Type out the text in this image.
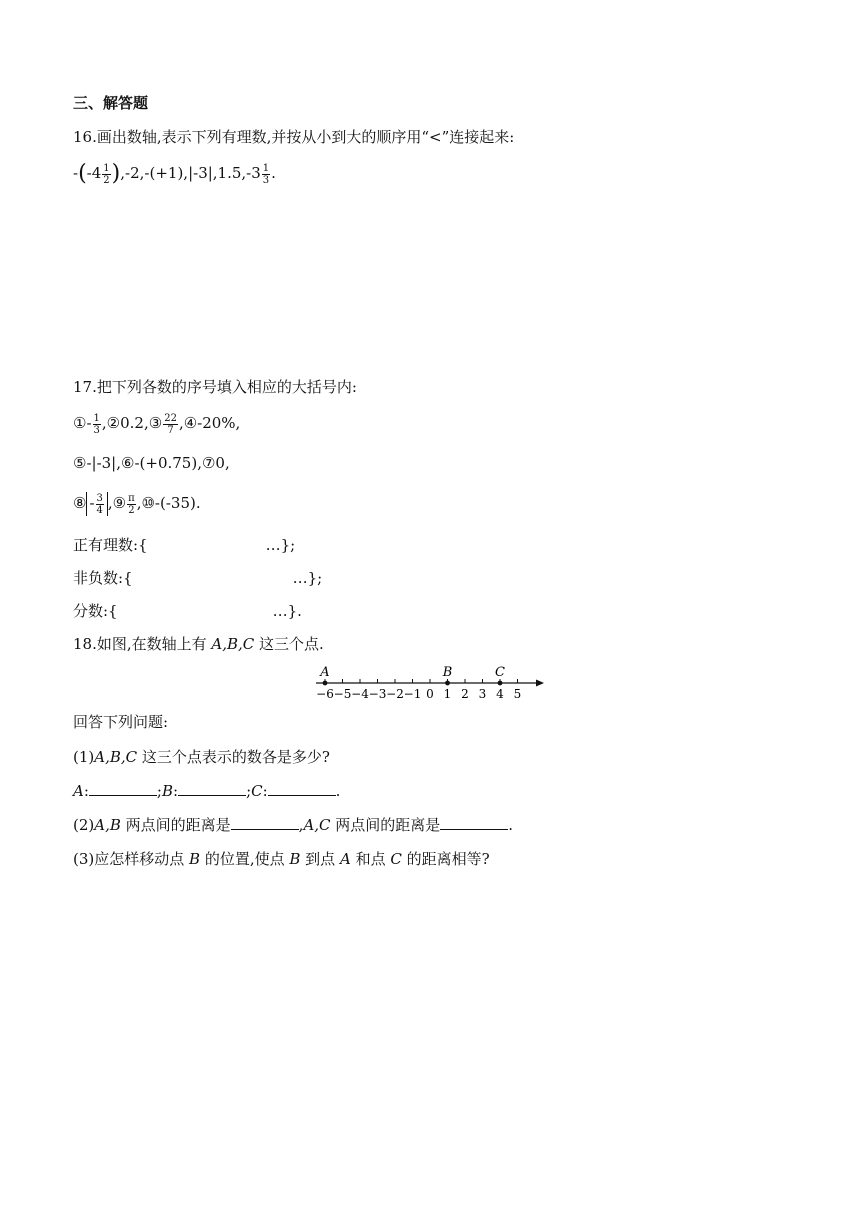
三、解答题
16.画出数轴,表示下列有理数,并按从小到大的顺序用“<”连接起来:
$-(-4 \frac{1}{2} ),-2,-(+1),|-3|,1.5,-3 \frac{1}{3}$ .
17.把下列各数的序号填入相应的大括号内:
①- $\frac{1}{3}$ ,②0.2,③ $\frac{22}{7}$ ,④-20%,
⑤-|-3|,⑥-(+0.75),⑦0,
⑧ - $\frac{3}{4}$ ,⑨ $\frac{\pi}{2}$ ,⑩-(-35).
正有理数:{	…};
非负数:{	…};
分数:{	…}.
18.如图,在数轴上有 A,B,C 这三个点.
−6 −5 −4 −3 −2 −1 0 1 2 3 4 5
A	B	C
回答下列问题:
(1)A,B,C 这三个点表示的数各是多少?
A:	;B:	;C:	.
(2)A,B 两点间的距离是	,A,C 两点间的距离是	.
(3)应怎样移动点 B 的位置,使点 B 到点 A 和点 C 的距离相等?
